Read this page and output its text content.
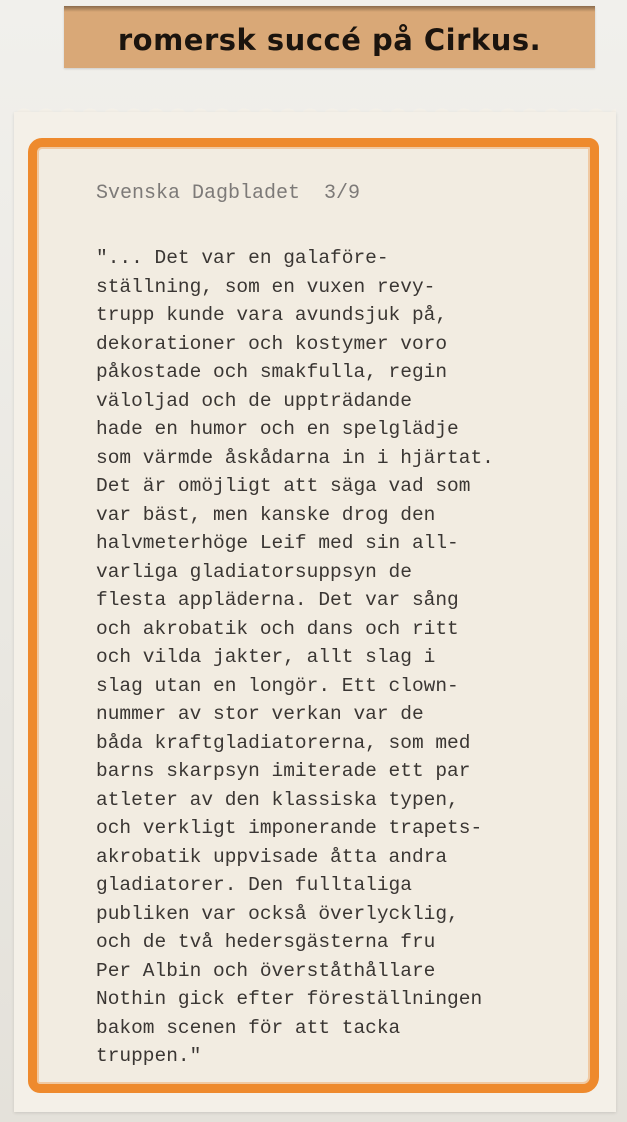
romersk succé på Cirkus.
Svenska Dagbladet  3/9
"... Det var en galaföre-
ställning, som en vuxen revy-
trupp kunde vara avundsjuk på,
dekorationer och kostymer voro
påkostade och smakfulla, regin
väloljad och de uppträdande
hade en humor och en spelglädje
som värmde åskådarna in i hjärtat.
Det är omöjligt att säga vad som
var bäst, men kanske drog den
halvmeterhöge Leif med sin all-
varliga gladiatorsuppsyn de
flesta appläderna. Det var sång
och akrobatik och dans och ritt
och vilda jakter, allt slag i
slag utan en longör. Ett clown-
nummer av stor verkan var de
båda kraftgladiatorerna, som med
barns skarpsyn imiterade ett par
atleter av den klassiska typen,
och verkligt imponerande trapets-
akrobatik uppvisade åtta andra
gladiatorer. Den fulltaliga
publiken var också överlycklig,
och de två hedersgästerna fru
Per Albin och överståthållare
Nothin gick efter föreställningen
bakom scenen för att tacka
truppen."
